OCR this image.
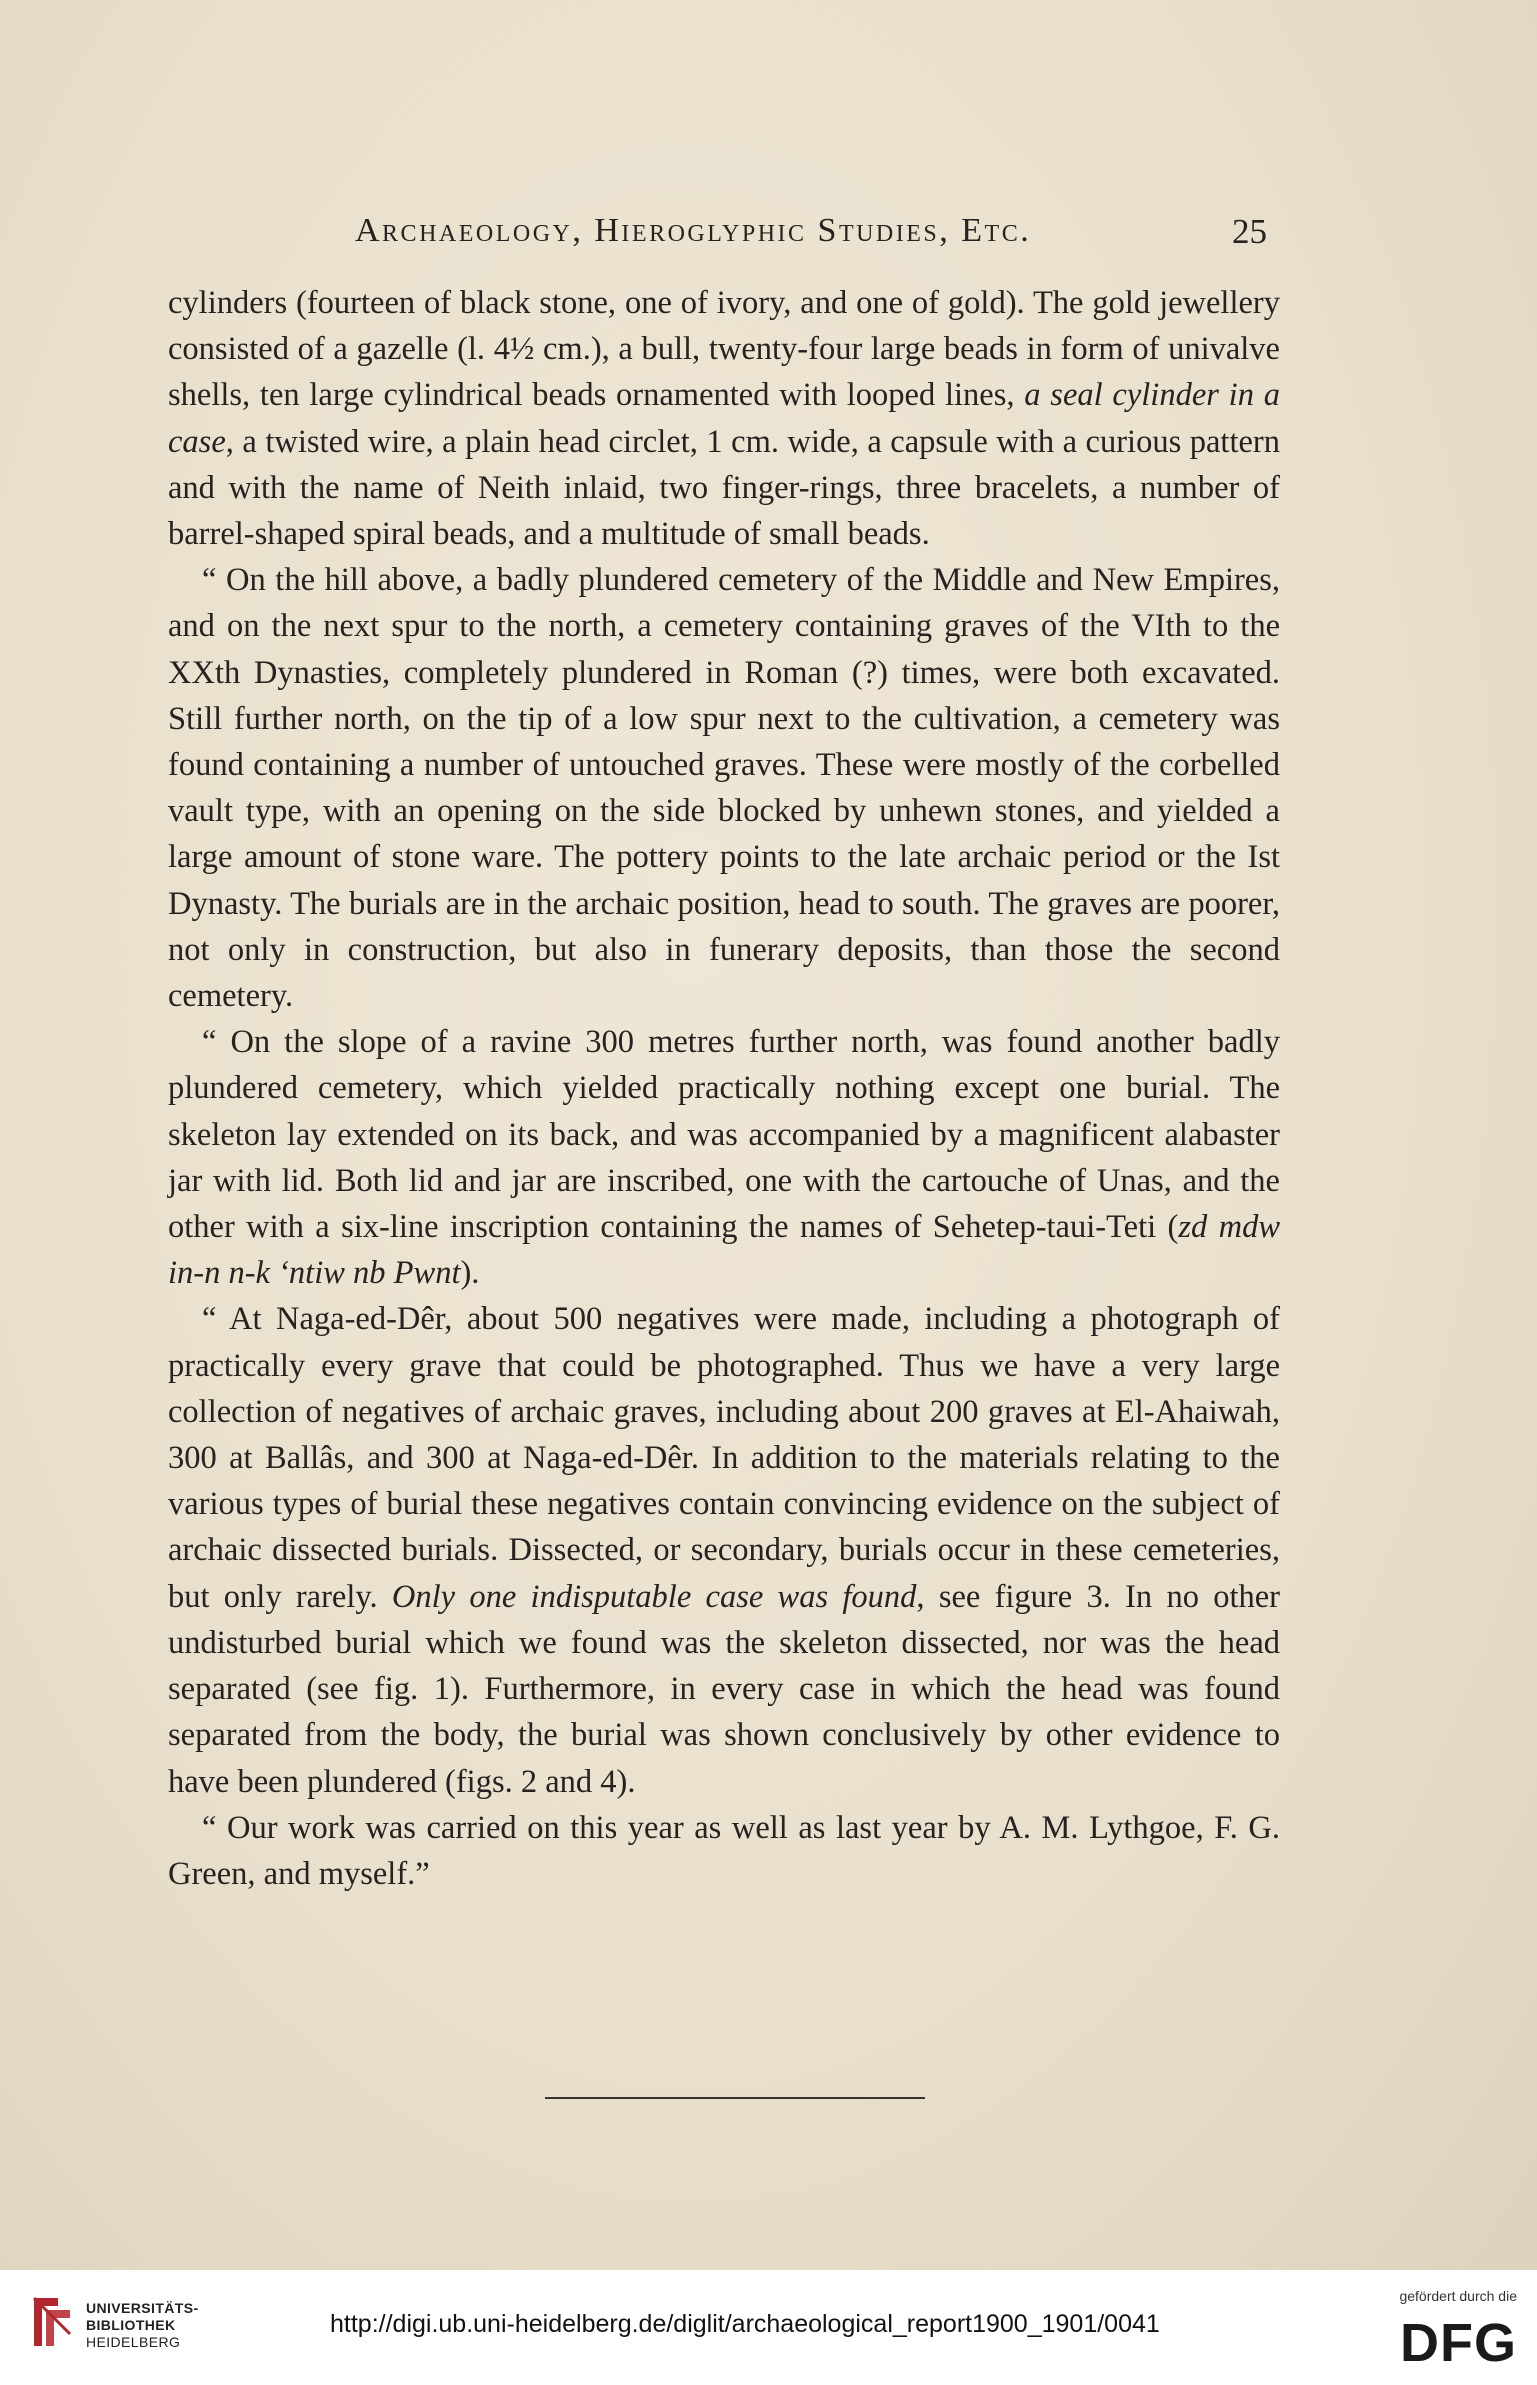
Archaeology, Hieroglyphic Studies, Etc.	25

cylinders (fourteen of black stone, one of ivory, and one of gold). The gold jewellery consisted of a gazelle (l. 4½ cm.), a bull, twenty-four large beads in form of univalve shells, ten large cylindrical beads ornamented with looped lines, a seal cylinder in a case, a twisted wire, a plain head circlet, 1 cm. wide, a capsule with a curious pattern and with the name of Neith inlaid, two finger-rings, three bracelets, a number of barrel-shaped spiral beads, and a multitude of small beads.

“ On the hill above, a badly plundered cemetery of the Middle and New Empires, and on the next spur to the north, a cemetery containing graves of the VIth to the XXth Dynasties, completely plundered in Roman (?) times, were both excavated. Still further north, on the tip of a low spur next to the cultivation, a cemetery was found containing a number of untouched graves. These were mostly of the corbelled vault type, with an opening on the side blocked by unhewn stones, and yielded a large amount of stone ware. The pottery points to the late archaic period or the Ist Dynasty. The burials are in the archaic position, head to south. The graves are poorer, not only in construction, but also in funerary deposits, than those the second cemetery.

“ On the slope of a ravine 300 metres further north, was found another badly plundered cemetery, which yielded practically nothing except one burial. The skeleton lay extended on its back, and was accompanied by a magnificent alabaster jar with lid. Both lid and jar are inscribed, one with the cartouche of Unas, and the other with a six-line inscription containing the names of Sehetep-taui-Teti (zd mdw in-n n-k ‘ntiw nb Pwnt).

“ At Naga-ed-Dêr, about 500 negatives were made, including a photograph of practically every grave that could be photographed. Thus we have a very large collection of negatives of archaic graves, including about 200 graves at El-Ahaiwah, 300 at Ballâs, and 300 at Naga-ed-Dêr. In addition to the materials relating to the various types of burial these negatives contain convincing evidence on the subject of archaic dissected burials. Dissected, or secondary, burials occur in these cemeteries, but only rarely. Only one indisputable case was found, see figure 3. In no other undisturbed burial which we found was the skeleton dissected, nor was the head separated (see fig. 1). Furthermore, in every case in which the head was found separated from the body, the burial was shown conclusively by other evidence to have been plundered (figs. 2 and 4).

“ Our work was carried on this year as well as last year by A. M. Lythgoe, F. G. Green, and myself.”

UNIVERSITÄTS-
BIBLIOTHEK
HEIDELBERG
http://digi.ub.uni-heidelberg.de/diglit/archaeological_report1900_1901/0041
gefördert durch die
DFG
